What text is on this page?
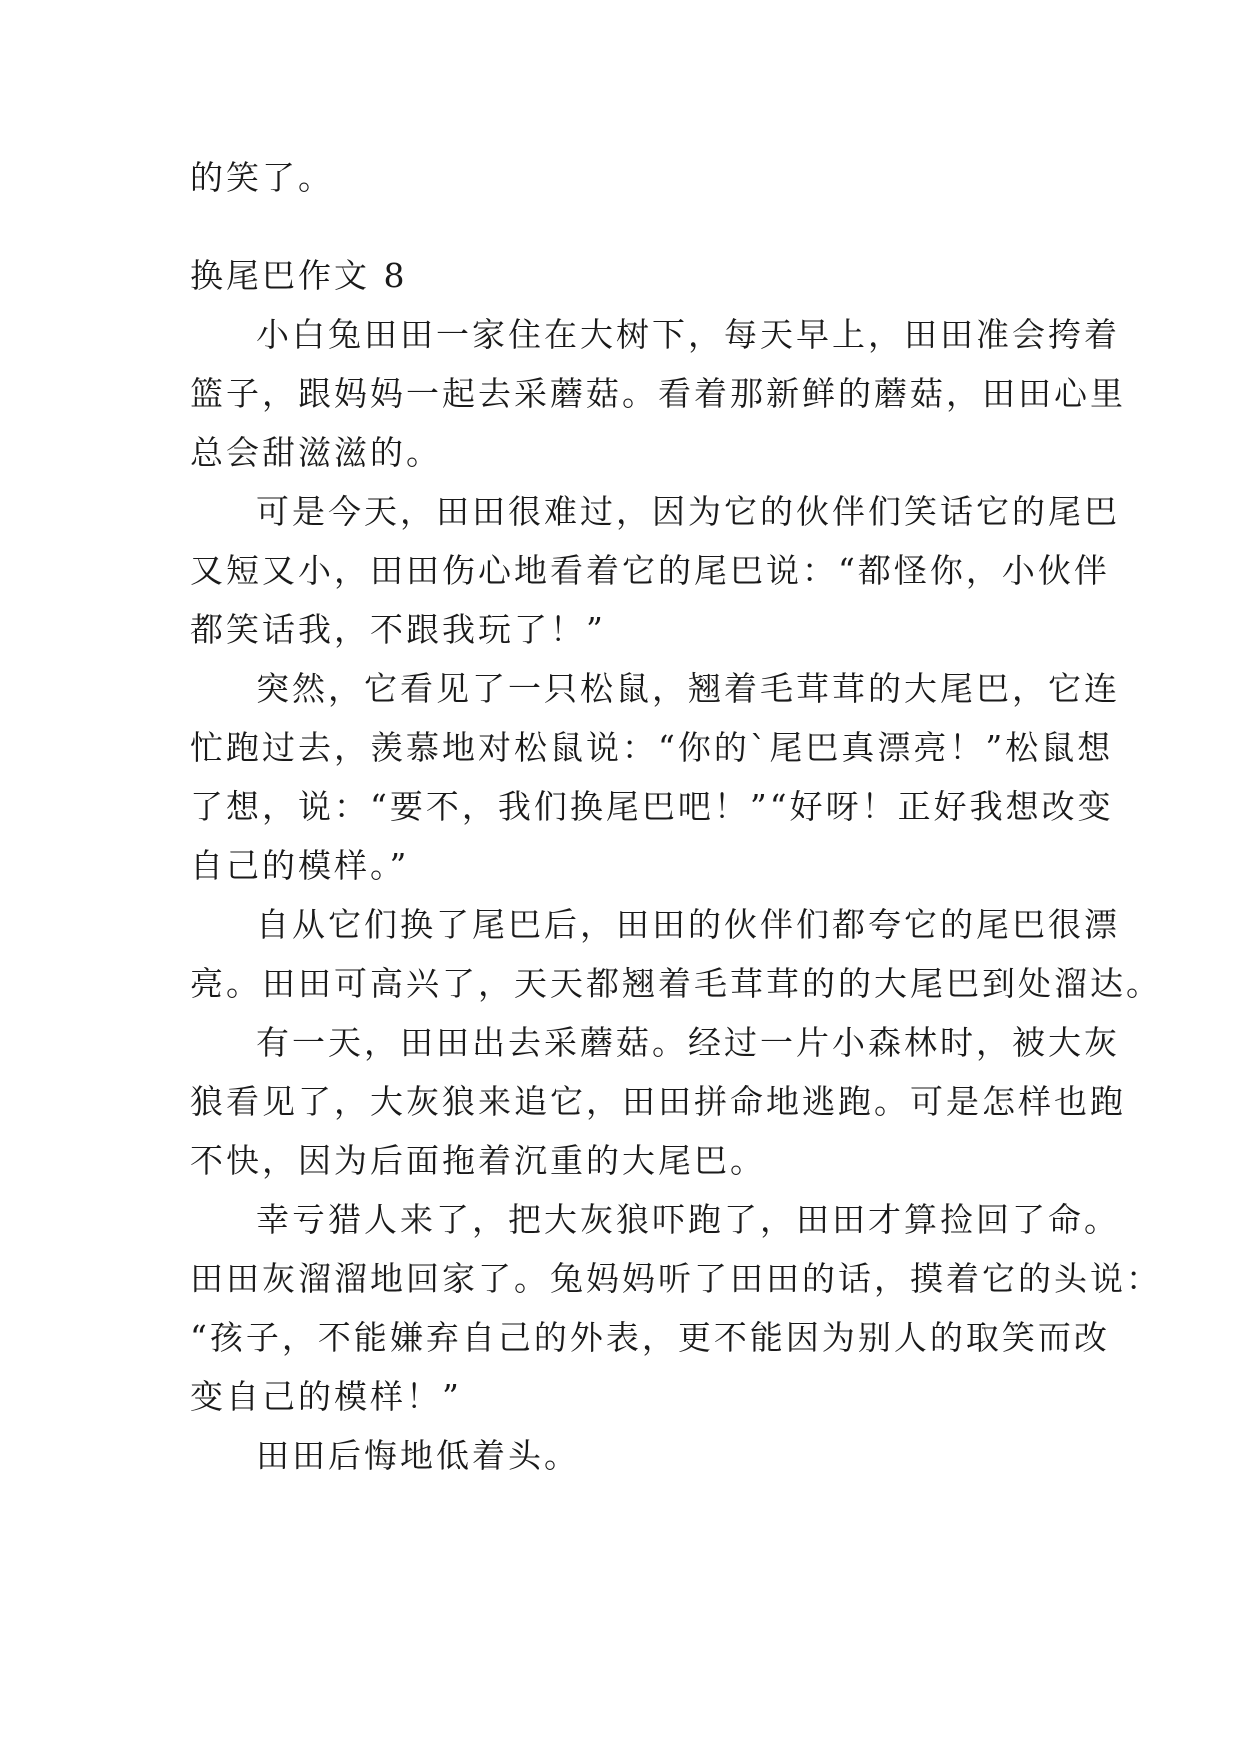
的笑了。

换尾巴作文 8

小白兔田田一家住在大树下，每天早上，田田准会挎着

篮子，跟妈妈一起去采蘑菇。看着那新鲜的蘑菇，田田心里

总会甜滋滋的。

可是今天，田田很难过，因为它的伙伴们笑话它的尾巴

又短又小，田田伤心地看着它的尾巴说：“都怪你，小伙伴

都笑话我，不跟我玩了！”

突然，它看见了一只松鼠，翘着毛茸茸的大尾巴，它连

忙跑过去，羡慕地对松鼠说：“你的`尾巴真漂亮！”松鼠想

了想，说：“要不，我们换尾巴吧！”“好呀！正好我想改变

自己的模样。”

自从它们换了尾巴后，田田的伙伴们都夸它的尾巴很漂

亮。田田可高兴了，天天都翘着毛茸茸的的大尾巴到处溜达。

有一天，田田出去采蘑菇。经过一片小森林时，被大灰

狼看见了，大灰狼来追它，田田拼命地逃跑。可是怎样也跑

不快，因为后面拖着沉重的大尾巴。

幸亏猎人来了，把大灰狼吓跑了，田田才算捡回了命。

田田灰溜溜地回家了。兔妈妈听了田田的话，摸着它的头说：

“孩子，不能嫌弃自己的外表，更不能因为别人的取笑而改

变自己的模样！”

田田后悔地低着头。
